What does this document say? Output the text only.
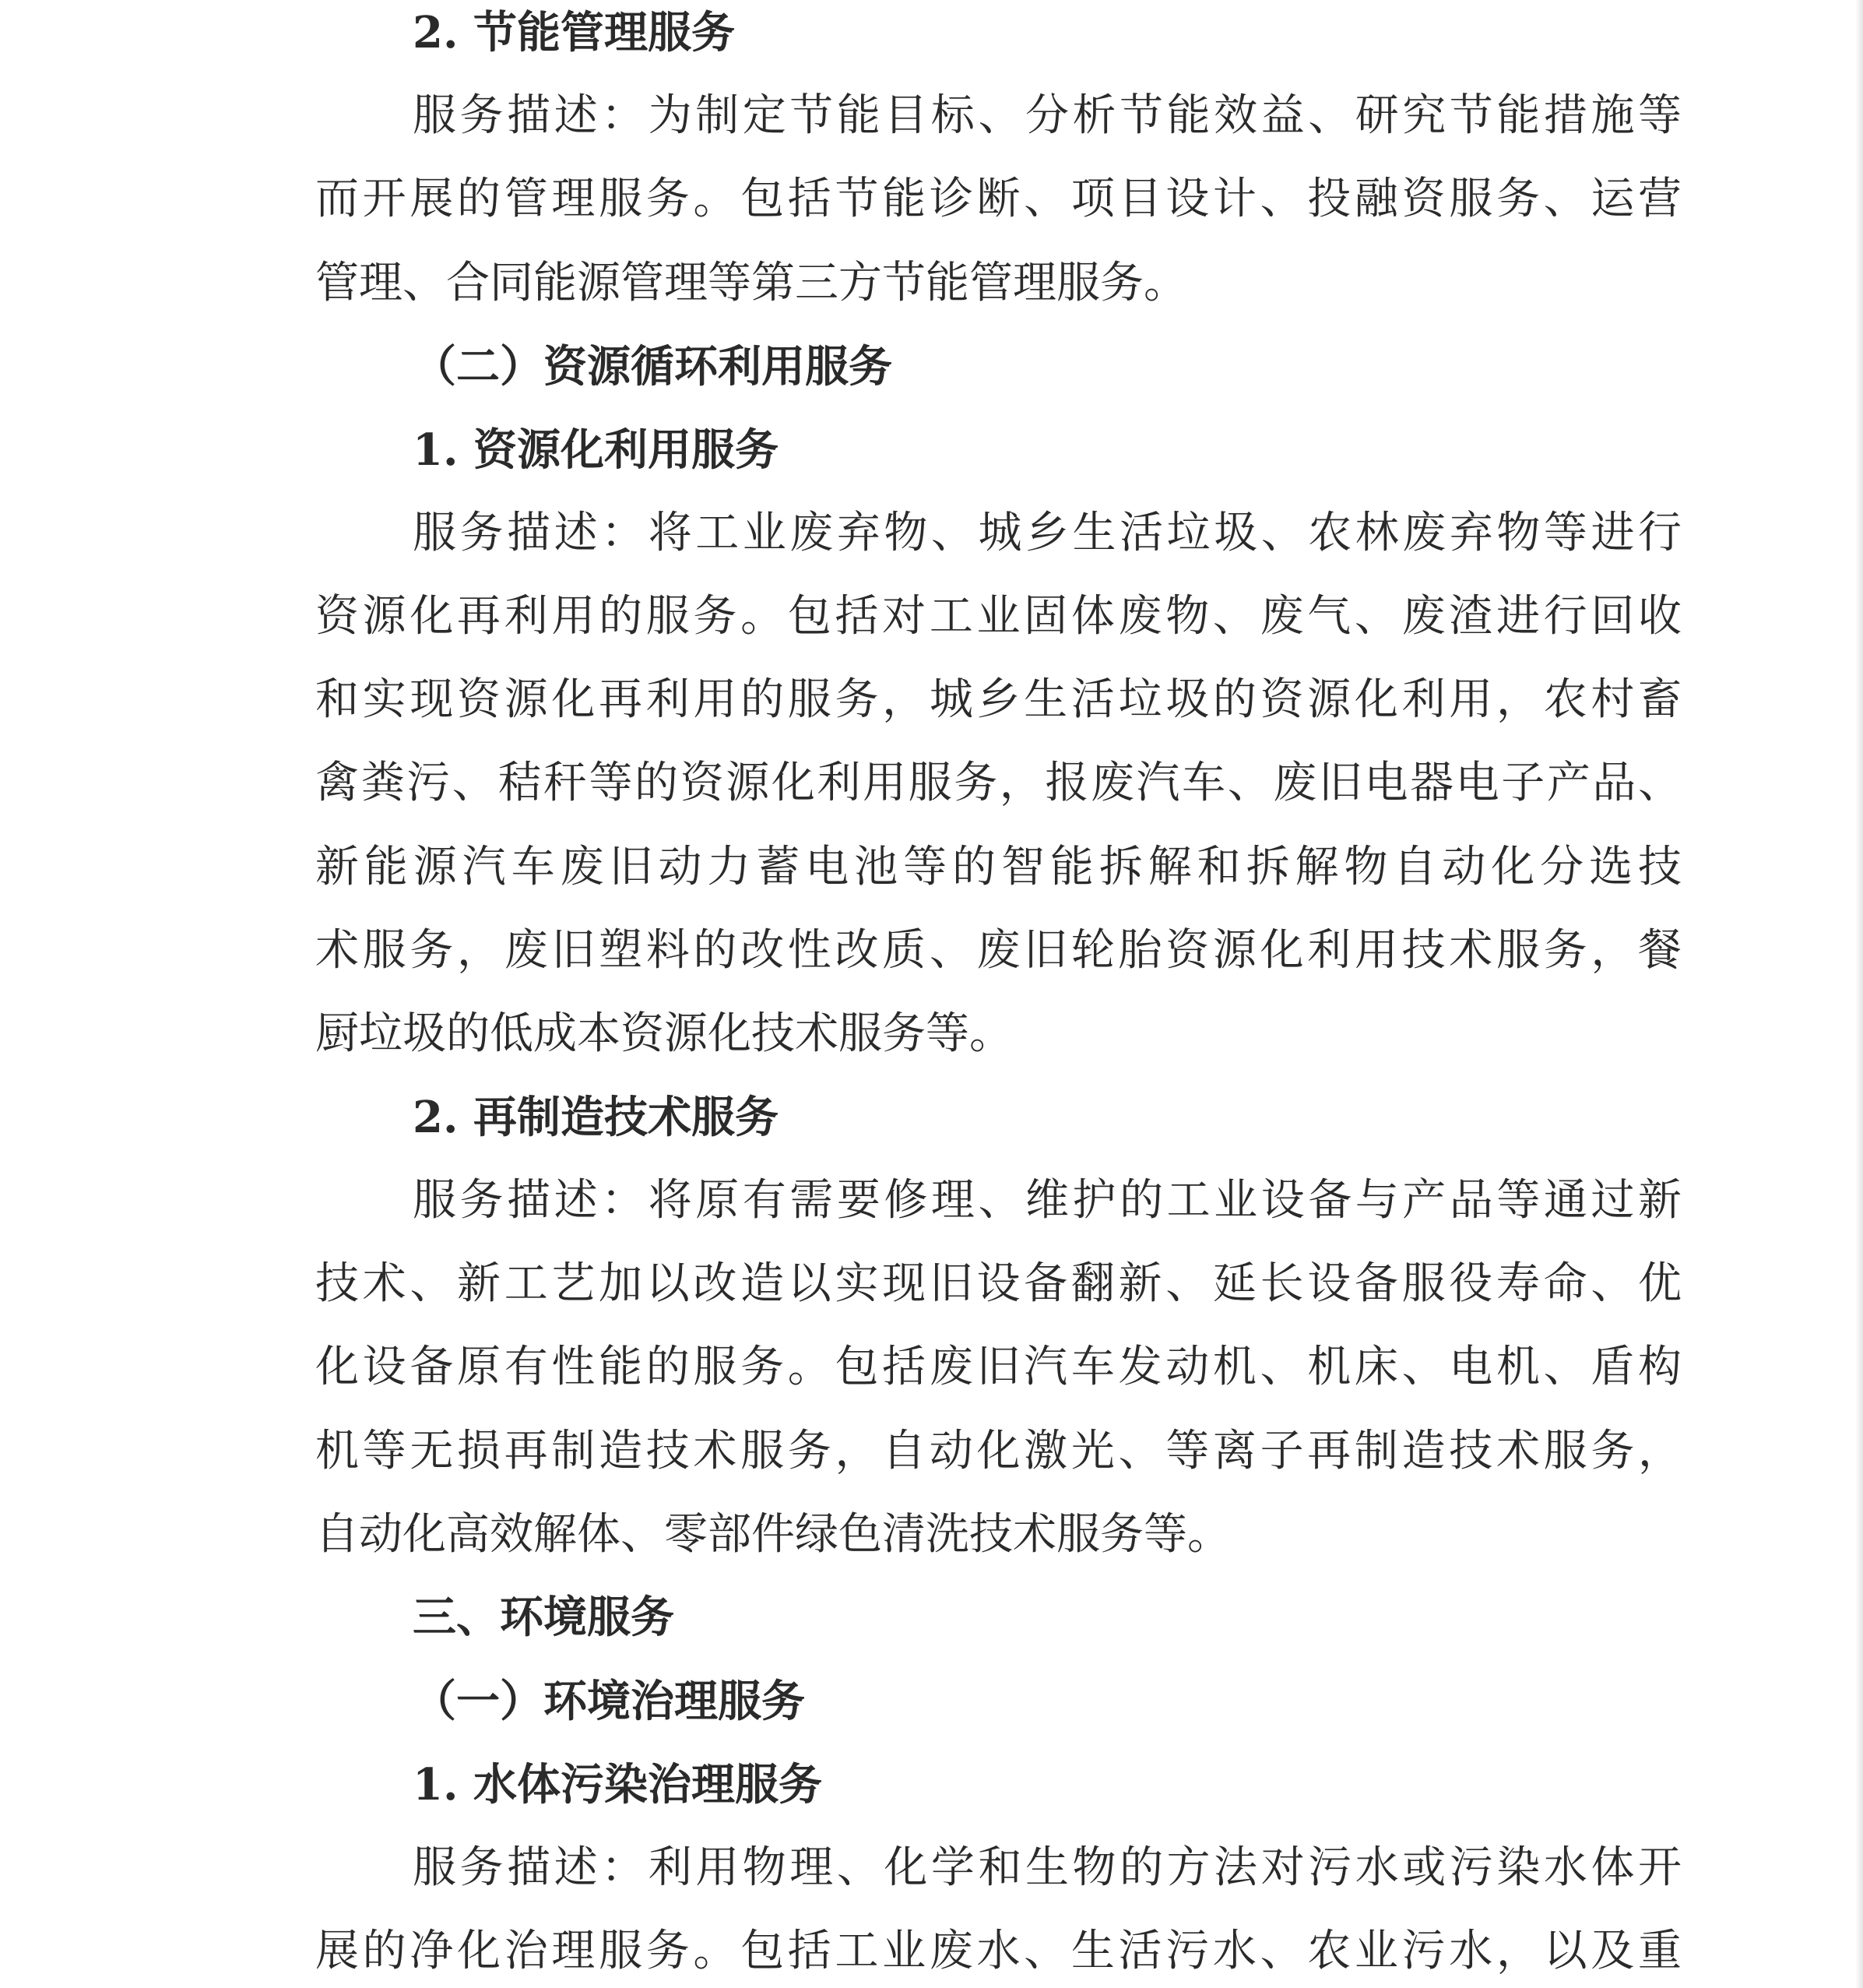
2. 节能管理服务
服务描述：为制定节能目标、分析节能效益、研究节能措施等
而开展的管理服务。包括节能诊断、项目设计、投融资服务、运营
管理、合同能源管理等第三方节能管理服务。
（二）资源循环利用服务
1. 资源化利用服务
服务描述：将工业废弃物、城乡生活垃圾、农林废弃物等进行
资源化再利用的服务。包括对工业固体废物、废气、废渣进行回收
和实现资源化再利用的服务，城乡生活垃圾的资源化利用，农村畜
禽粪污、秸秆等的资源化利用服务，报废汽车、废旧电器电子产品、
新能源汽车废旧动力蓄电池等的智能拆解和拆解物自动化分选技
术服务，废旧塑料的改性改质、废旧轮胎资源化利用技术服务，餐
厨垃圾的低成本资源化技术服务等。
2. 再制造技术服务
服务描述：将原有需要修理、维护的工业设备与产品等通过新
技术、新工艺加以改造以实现旧设备翻新、延长设备服役寿命、优
化设备原有性能的服务。包括废旧汽车发动机、机床、电机、盾构
机等无损再制造技术服务，自动化激光、等离子再制造技术服务，
自动化高效解体、零部件绿色清洗技术服务等。
三、环境服务
（一）环境治理服务
1. 水体污染治理服务
服务描述：利用物理、化学和生物的方法对污水或污染水体开
展的净化治理服务。包括工业废水、生活污水、农业污水，以及重
